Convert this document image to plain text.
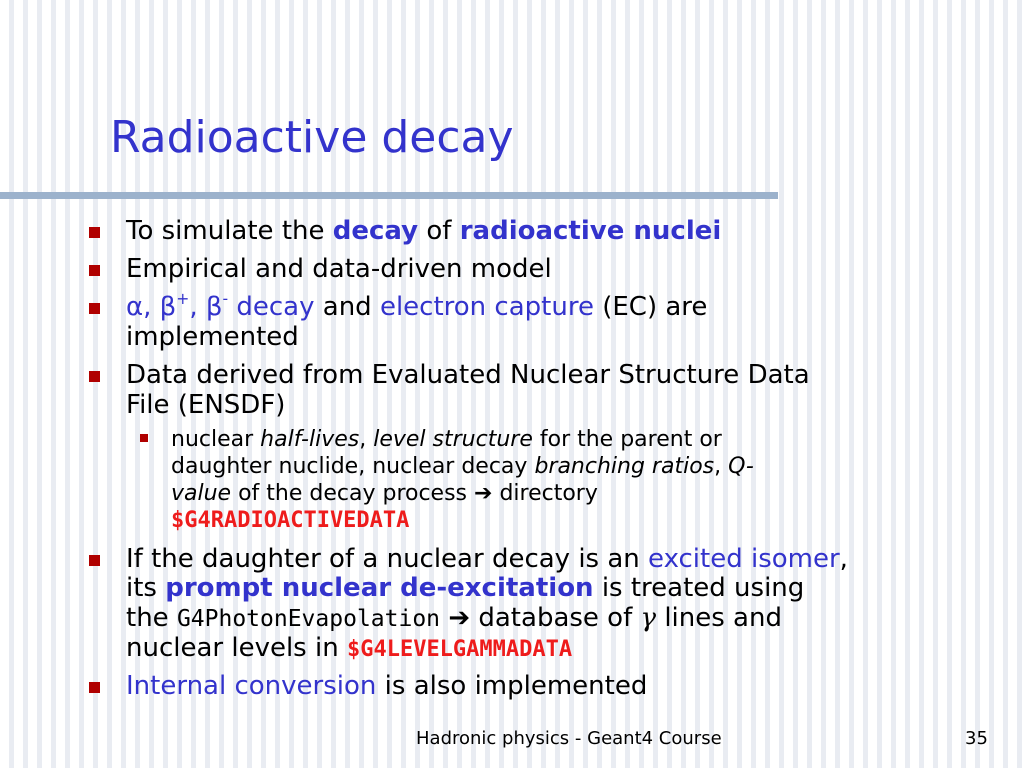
Radioactive decay
To simulate the decay of radioactive nuclei
Empirical and data-driven model
α, β+, β- decay and electron capture (EC) are
implemented
Data derived from Evaluated Nuclear Structure Data
File (ENSDF)
nuclear half-lives, level structure for the parent or
daughter nuclide, nuclear decay branching ratios, Q-
value of the decay process ➔ directory
$G4RADIOACTIVEDATA
If the daughter of a nuclear decay is an excited isomer,
its prompt nuclear de-excitation is treated using
the G4PhotonEvapolation ➔ database of γ lines and
nuclear levels in $G4LEVELGAMMADATA
Internal conversion is also implemented
Hadronic physics - Geant4 Course	35
